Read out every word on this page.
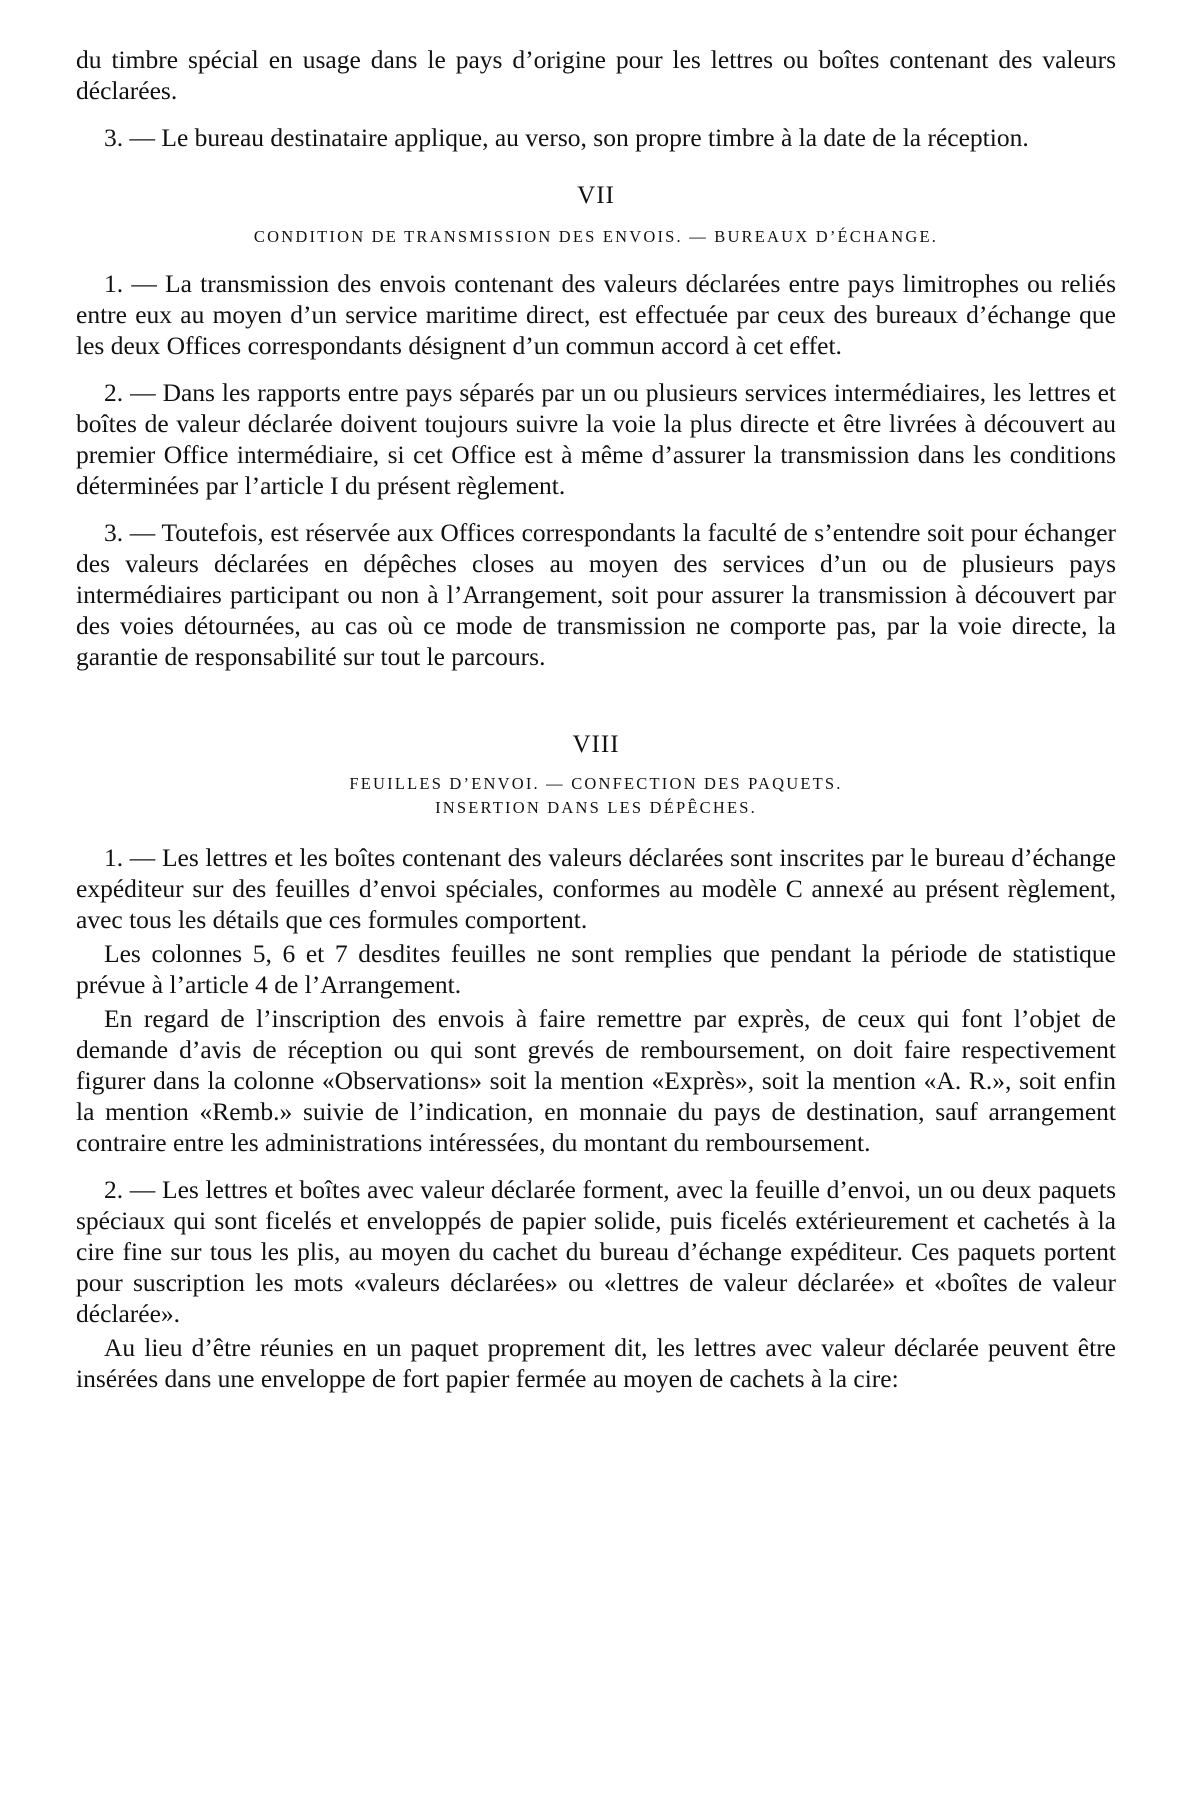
du timbre spécial en usage dans le pays d’origine pour les lettres ou boîtes contenant des valeurs déclarées.

3. — Le bureau destinataire applique, au verso, son propre timbre à la date de la réception.

VII
CONDITION DE TRANSMISSION DES ENVOIS. — BUREAUX D’ÉCHANGE.

1. — La transmission des envois contenant des valeurs déclarées entre pays limitrophes ou reliés entre eux au moyen d’un service maritime direct, est effectuée par ceux des bureaux d’échange que les deux Offices correspondants désignent d’un commun accord à cet effet.

2. — Dans les rapports entre pays séparés par un ou plusieurs services intermédiaires, les lettres et boîtes de valeur déclarée doivent toujours suivre la voie la plus directe et être livrées à découvert au premier Office intermédiaire, si cet Office est à même d’assurer la transmission dans les conditions déterminées par l’article I du présent règlement.

3. — Toutefois, est réservée aux Offices correspondants la faculté de s’entendre soit pour échanger des valeurs déclarées en dépêches closes au moyen des services d’un ou de plusieurs pays intermédiaires participant ou non à l’Arrangement, soit pour assurer la transmission à découvert par des voies détournées, au cas où ce mode de transmission ne comporte pas, par la voie directe, la garantie de responsabilité sur tout le parcours.

VIII
FEUILLES D’ENVOI. — CONFECTION DES PAQUETS.
INSERTION DANS LES DÉPÊCHES.

1. — Les lettres et les boîtes contenant des valeurs déclarées sont inscrites par le bureau d’échange expéditeur sur des feuilles d’envoi spéciales, conformes au modèle C annexé au présent règlement, avec tous les détails que ces formules comportent.

Les colonnes 5, 6 et 7 desdites feuilles ne sont remplies que pendant la période de statistique prévue à l’article 4 de l’Arrangement.

En regard de l’inscription des envois à faire remettre par exprès, de ceux qui font l’objet de demande d’avis de réception ou qui sont grevés de remboursement, on doit faire respectivement figurer dans la colonne «Observations» soit la mention «Exprès», soit la mention «A. R.», soit enfin la mention «Remb.» suivie de l’indication, en monnaie du pays de destination, sauf arrangement contraire entre les administrations intéressées, du montant du remboursement.

2. — Les lettres et boîtes avec valeur déclarée forment, avec la feuille d’envoi, un ou deux paquets spéciaux qui sont ficelés et enveloppés de papier solide, puis ficelés extérieurement et cachetés à la cire fine sur tous les plis, au moyen du cachet du bureau d’échange expéditeur. Ces paquets portent pour suscription les mots «valeurs déclarées» ou «lettres de valeur déclarée» et «boîtes de valeur déclarée».

Au lieu d’être réunies en un paquet proprement dit, les lettres avec valeur déclarée peuvent être insérées dans une enveloppe de fort papier fermée au moyen de cachets à la cire:
